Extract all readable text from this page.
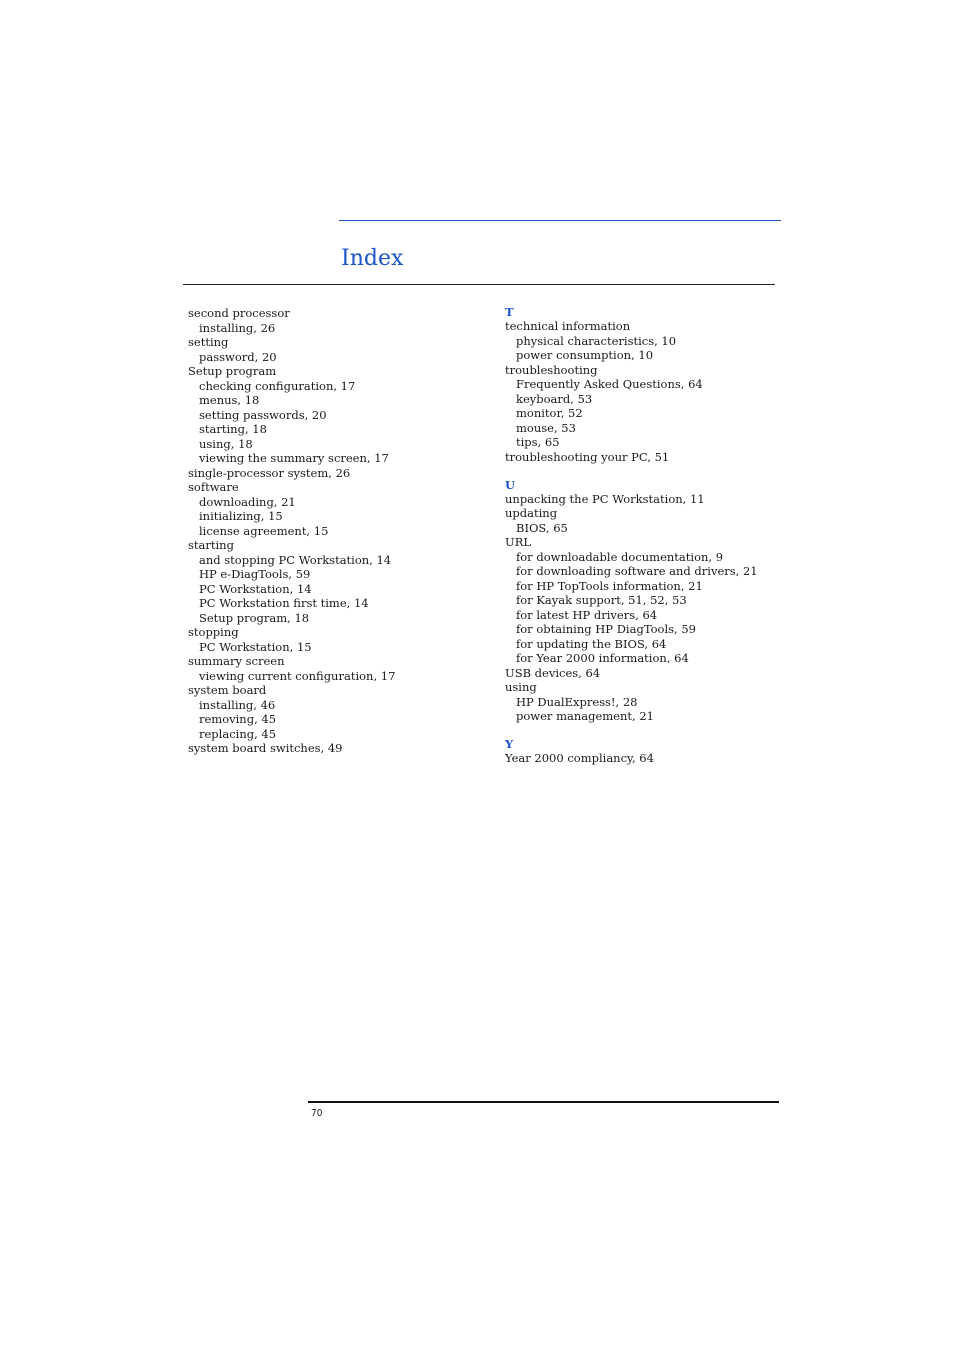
Index
second processor
installing, 26
setting
password, 20
Setup program
checking configuration, 17
menus, 18
setting passwords, 20
starting, 18
using, 18
viewing the summary screen, 17
single-processor system, 26
software
downloading, 21
initializing, 15
license agreement, 15
starting
and stopping PC Workstation, 14
HP e-DiagTools, 59
PC Workstation, 14
PC Workstation first time, 14
Setup program, 18
stopping
PC Workstation, 15
summary screen
viewing current configuration, 17
system board
installing, 46
removing, 45
replacing, 45
system board switches, 49
T
technical information
physical characteristics, 10
power consumption, 10
troubleshooting
Frequently Asked Questions, 64
keyboard, 53
monitor, 52
mouse, 53
tips, 65
troubleshooting your PC, 51
U
unpacking the PC Workstation, 11
updating
BIOS, 65
URL
for downloadable documentation, 9
for downloading software and drivers, 21
for HP TopTools information, 21
for Kayak support, 51, 52, 53
for latest HP drivers, 64
for obtaining HP DiagTools, 59
for updating the BIOS, 64
for Year 2000 information, 64
USB devices, 64
using
HP DualExpress!, 28
power management, 21
Y
Year 2000 compliancy, 64
70
